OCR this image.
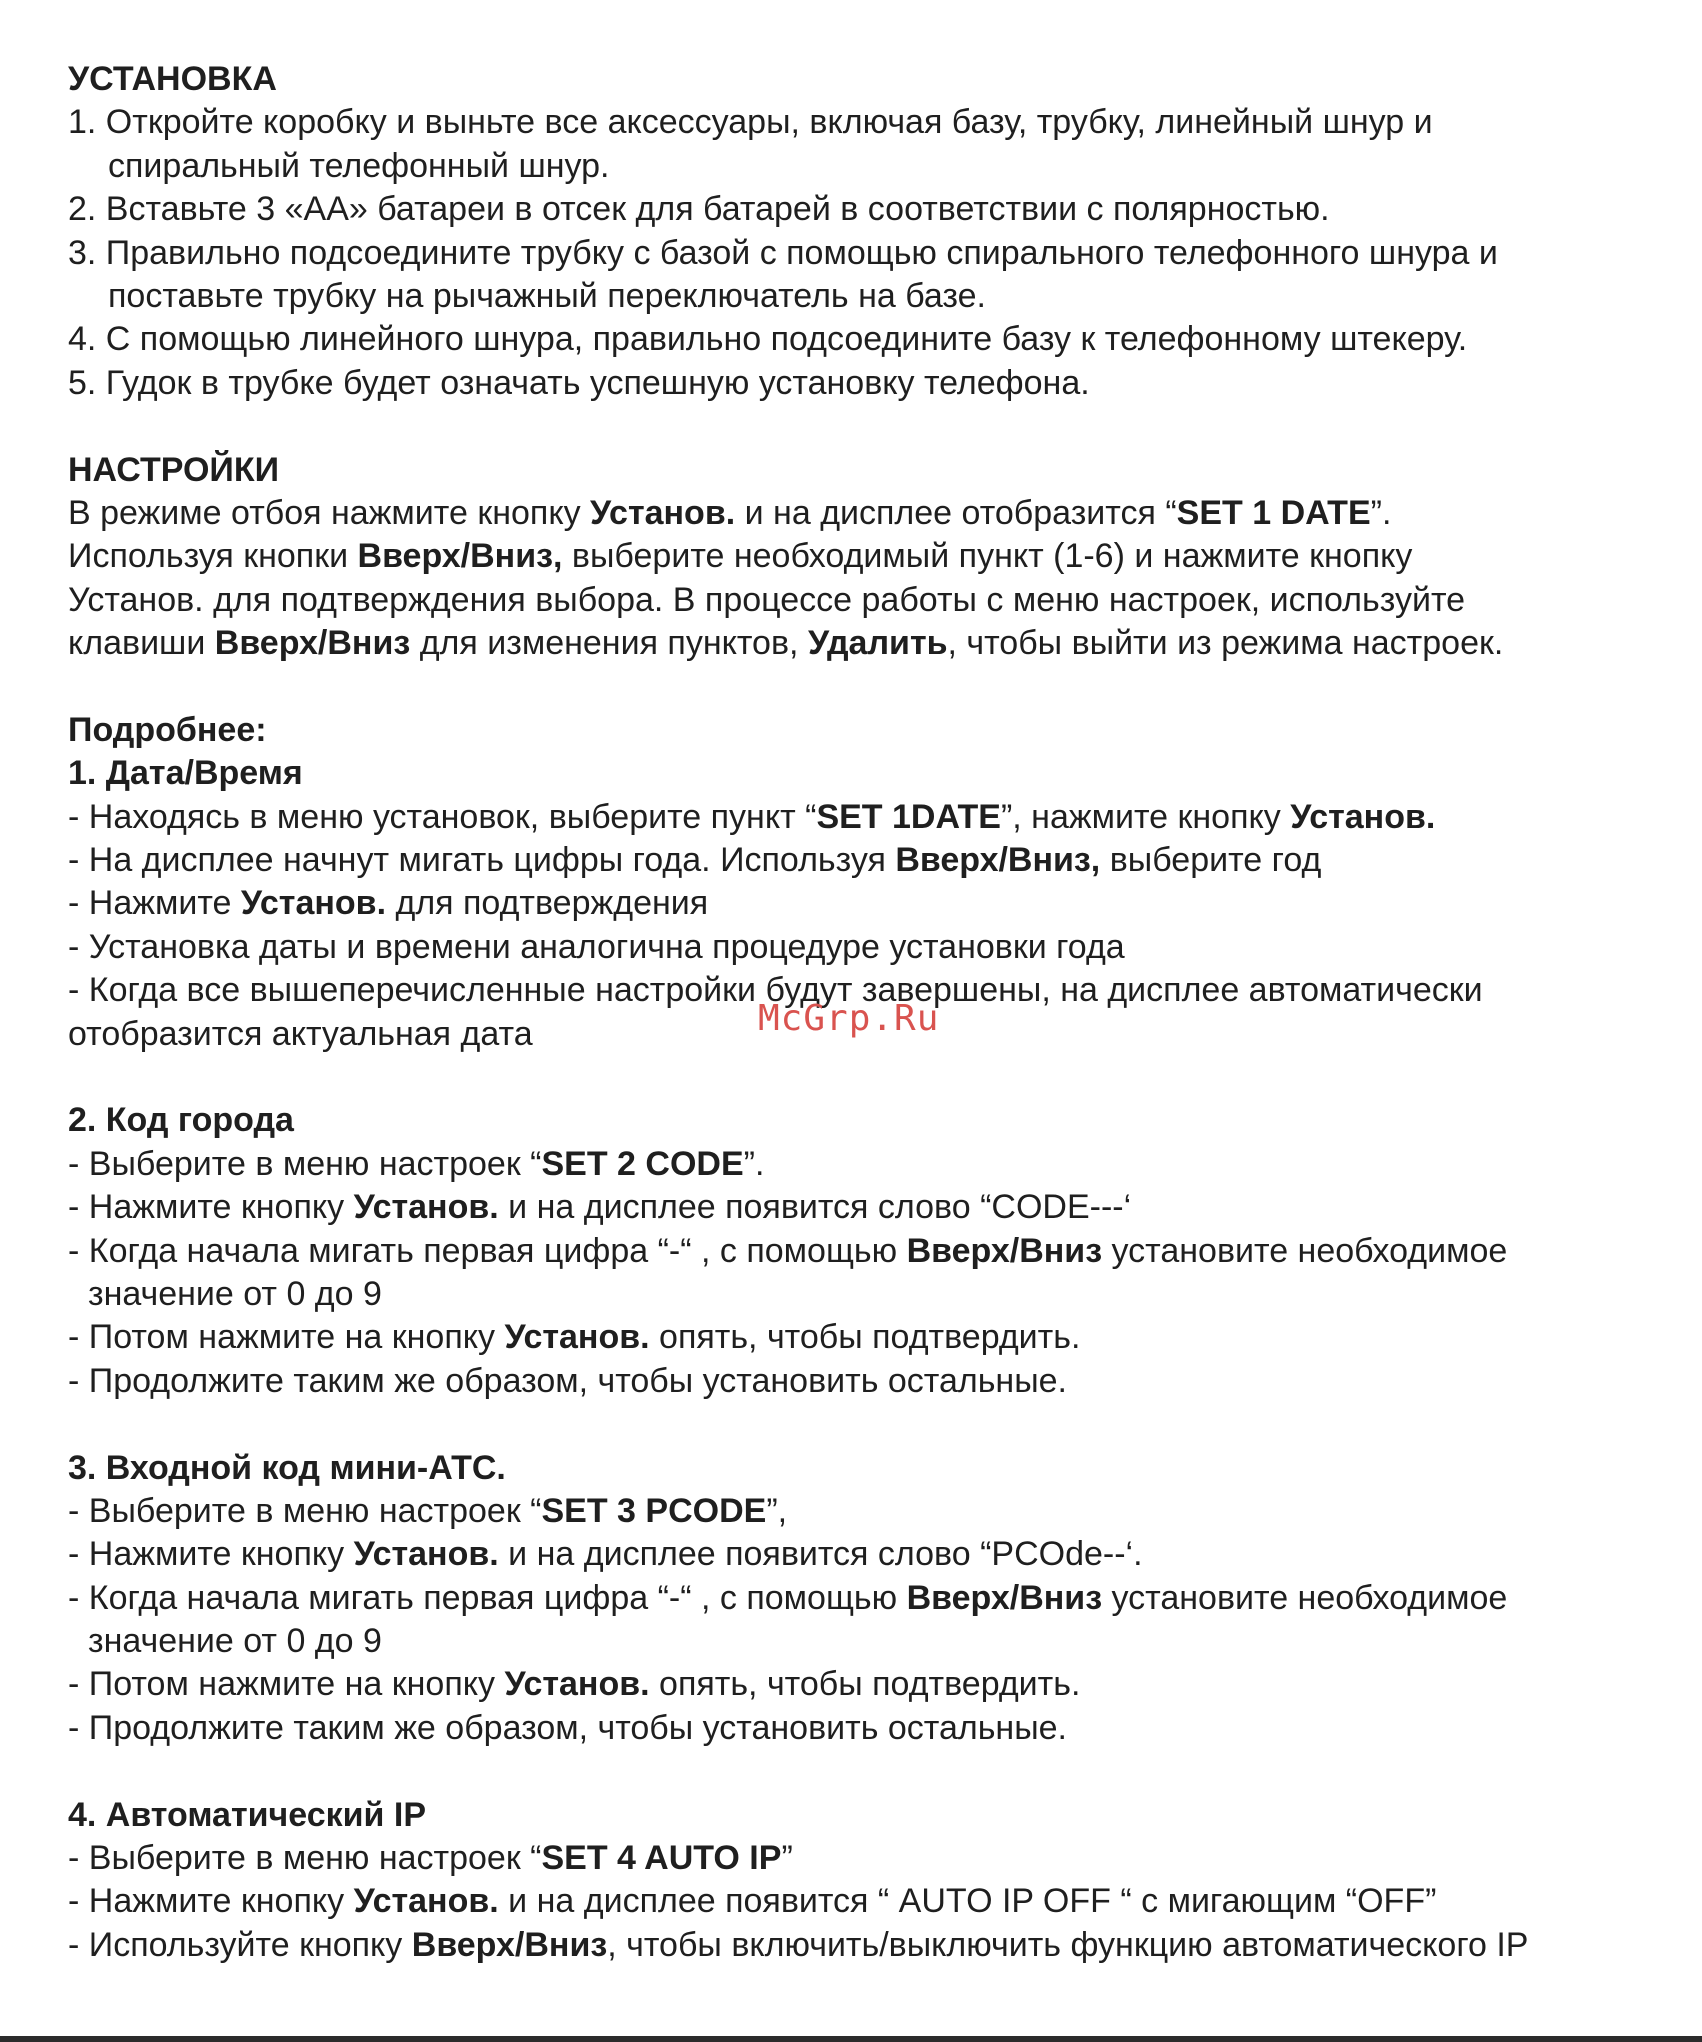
УСТАНОВКА
1. Откройте коробку и выньте все аксессуары, включая базу, трубку, линейный шнур и
спиральный телефонный шнур.
2. Вставьте 3 «АА» батареи в отсек для батарей в соответствии с полярностью.
3. Правильно подсоедините трубку с базой с помощью спирального телефонного шнура и
поставьте трубку на рычажный переключатель на базе.
4. С помощью линейного шнура, правильно подсоедините базу к телефонному штекеру.
5. Гудок в трубке будет означать успешную установку телефона.
НАСТРОЙКИ
В режиме отбоя нажмите кнопку Установ. и на дисплее отобразится “SET 1 DATE”.
Используя кнопки Вверх/Вниз, выберите необходимый пункт (1-6) и нажмите кнопку
Установ. для подтверждения выбора. В процессе работы с меню настроек, используйте
клавиши Вверх/Вниз для изменения пунктов, Удалить, чтобы выйти из режима настроек.
Подробнее:
1. Дата/Время
- Находясь в меню установок, выберите пункт “SET 1DATE”, нажмите кнопку Установ.
- На дисплее начнут мигать цифры года. Используя Вверх/Вниз, выберите год
- Нажмите Установ. для подтверждения
- Установка даты и времени аналогична процедуре установки года
- Когда все вышеперечисленные настройки будут завершены, на дисплее автоматически
отобразится актуальная дата
2. Код города
- Выберите в меню настроек “SET 2 CODE”.
- Нажмите кнопку Установ. и на дисплее появится слово “CODE---‘
- Когда начала мигать первая цифра “-“ , с помощью Вверх/Вниз установите необходимое
значение от 0 до 9
- Потом нажмите на кнопку Установ. опять, чтобы подтвердить.
- Продолжите таким же образом, чтобы установить остальные.
3. Входной код мини-АТС.
- Выберите в меню настроек “SET 3 PCODE”,
- Нажмите кнопку Установ. и на дисплее появится слово “PCOde--‘.
- Когда начала мигать первая цифра “-“ , с помощью Вверх/Вниз установите необходимое
значение от 0 до 9
- Потом нажмите на кнопку Установ. опять, чтобы подтвердить.
- Продолжите таким же образом, чтобы установить остальные.
4. Автоматический IP
- Выберите в меню настроек “SET 4 AUTO IP”
- Нажмите кнопку Установ. и на дисплее появится “ AUTO IP OFF “ с мигающим “OFF”
- Используйте кнопку Вверх/Вниз, чтобы включить/выключить функцию автоматического IP
McGrp.Ru
